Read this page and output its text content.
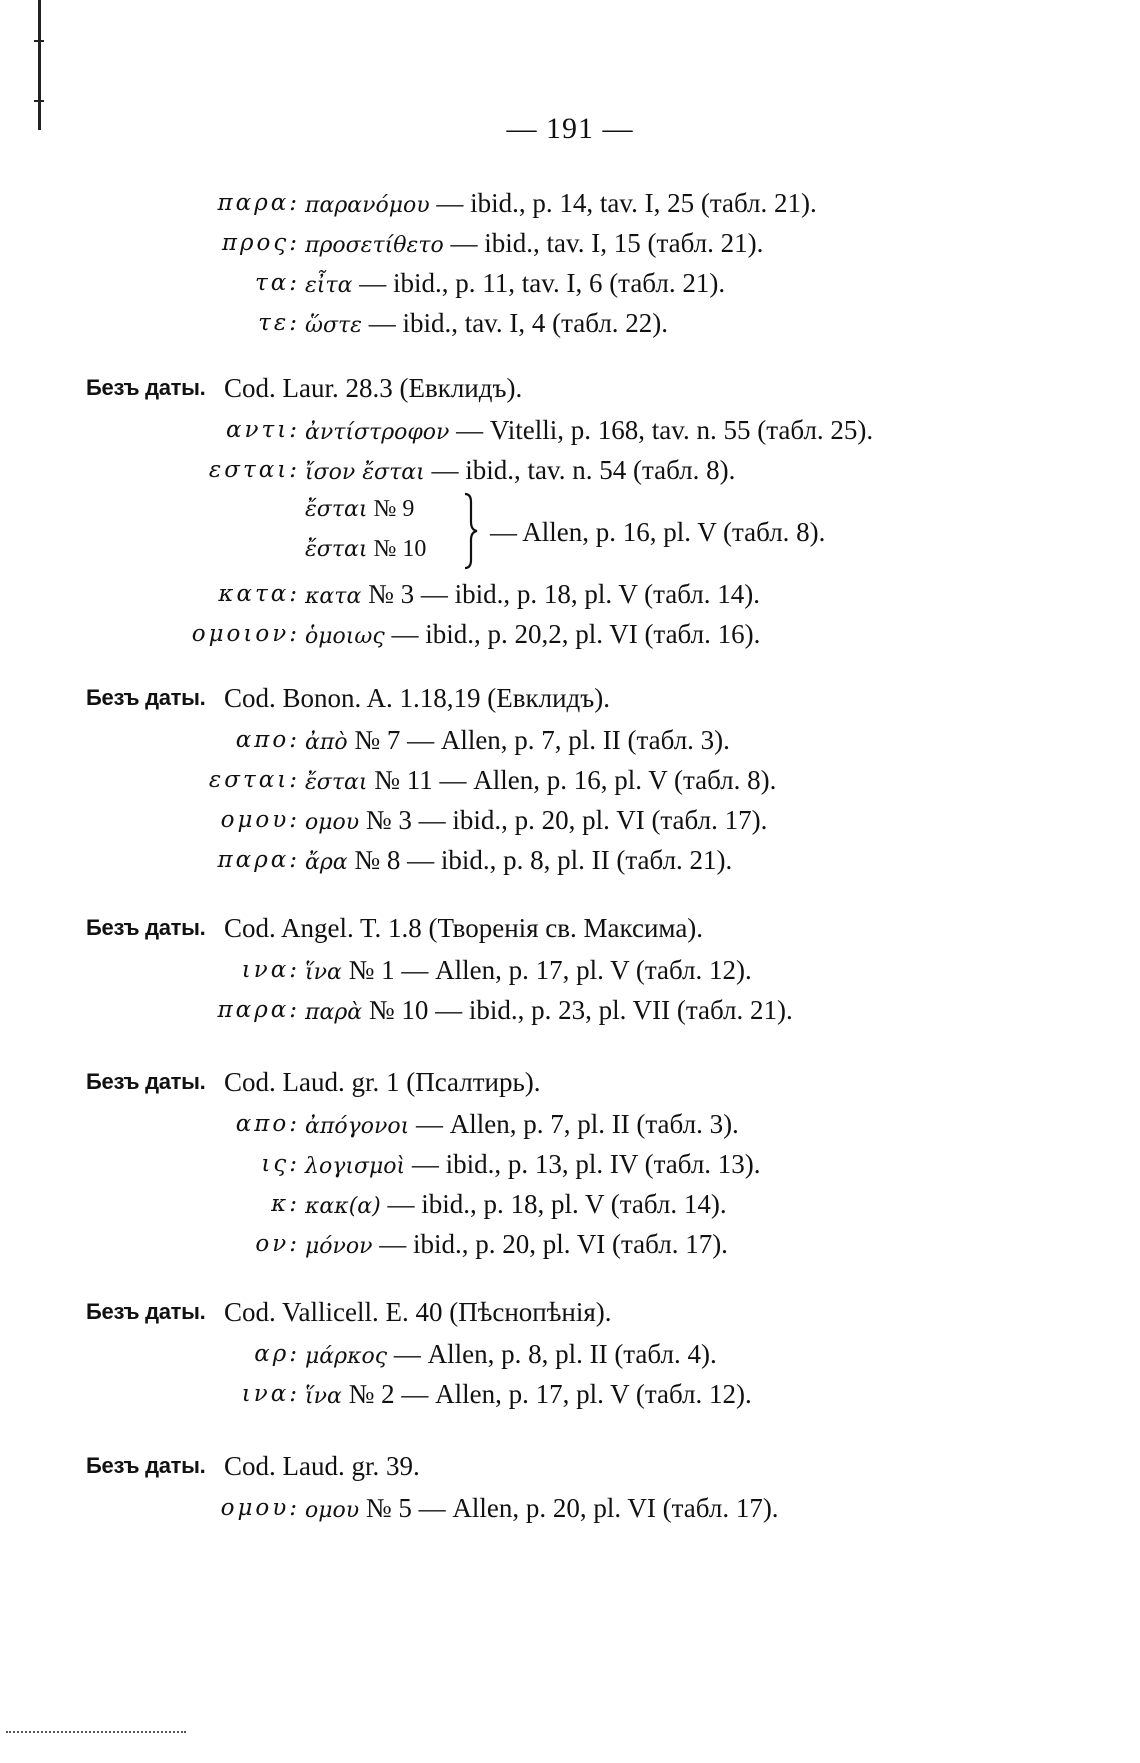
— 191 —
παρα: παρανόμου — ibid., p. 14, tav. I, 25 (табл. 21).
προς: προσετίθετο — ibid., tav. I, 15 (табл. 21).
τα: εἶτα — ibid., p. 11, tav. I, 6 (табл. 21).
τε: ὥστε — ibid., tav. I, 4 (табл. 22).
Безъ даты. Cod. Laur. 28.3 (Евклидъ).
αντι: ἀντίστροφον — Vitelli, p. 168, tav. n. 55 (табл. 25).
εσται: ἴσον ἔσται — ibid., tav. n. 54 (табл. 8).
ἔσται № 9
ἔσται № 10
— Allen, p. 16, pl. V (табл. 8).
κατα: κατα № 3 — ibid., p. 18, pl. V (табл. 14).
ομοιον: ὁμοιως — ibid., p. 20,2, pl. VI (табл. 16).
Безъ даты. Cod. Bonon. A. 1.18,19 (Евклидъ).
απο: ἀπὸ № 7 — Allen, p. 7, pl. II (табл. 3).
εσται: ἔσται № 11 — Allen, p. 16, pl. V (табл. 8).
ομου: ομου № 3 — ibid., p. 20, pl. VI (табл. 17).
παρα: ἄρα № 8 — ibid., p. 8, pl. II (табл. 21).
Безъ даты. Cod. Angel. T. 1.8 (Творенія св. Максима).
ινα: ἵνα № 1 — Allen, p. 17, pl. V (табл. 12).
παρα: παρὰ № 10 — ibid., p. 23, pl. VII (табл. 21).
Безъ даты. Cod. Laud. gr. 1 (Псалтирь).
απο: ἀπόγονοι — Allen, p. 7, pl. II (табл. 3).
ις: λογισμοὶ — ibid., p. 13, pl. IV (табл. 13).
κ: κακ(α) — ibid., p. 18, pl. V (табл. 14).
ον: μόνον — ibid., p. 20, pl. VI (табл. 17).
Безъ даты. Cod. Vallicell. E. 40 (Пѣснопѣнія).
αρ: μάρκος — Allen, p. 8, pl. II (табл. 4).
ινα: ἵνα № 2 — Allen, p. 17, pl. V (табл. 12).
Безъ даты. Cod. Laud. gr. 39.
ομου: ομου № 5 — Allen, p. 20, pl. VI (табл. 17).
